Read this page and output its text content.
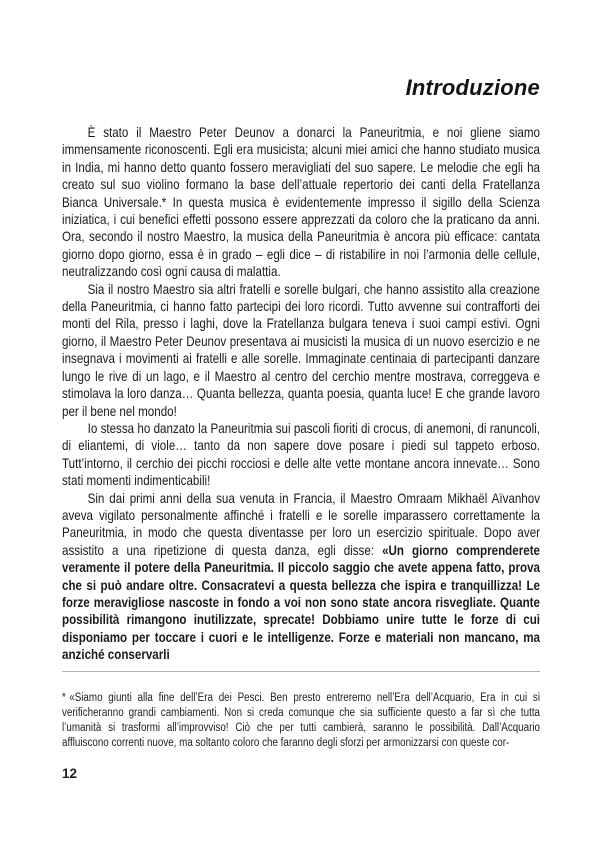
Introduzione

È stato il Maestro Peter Deunov a donarci la Paneuritmia, e noi gliene siamo immensamente riconoscenti. Egli era musicista; alcuni miei amici che hanno studiato musica in India, mi hanno detto quanto fossero meravigliati del suo sapere. Le melodie che egli ha creato sul suo violino formano la base dell’attuale repertorio dei canti della Fratellanza Bianca Universale.* In questa musica è evidentemente impresso il sigillo della Scienza iniziatica, i cui benefici effetti possono essere apprezzati da coloro che la praticano da anni. Ora, secondo il nostro Maestro, la musica della Paneuritmia è ancora più efficace: cantata giorno dopo giorno, essa è in grado – egli dice – di ristabilire in noi l’armonia delle cellule, neutralizzando così ogni causa di malattia.

Sia il nostro Maestro sia altri fratelli e sorelle bulgari, che hanno assistito alla creazione della Paneuritmia, ci hanno fatto partecipi dei loro ricordi. Tutto avvenne sui contrafforti dei monti del Rila, presso i laghi, dove la Fratellanza bulgara teneva i suoi campi estivi. Ogni giorno, il Maestro Peter Deunov presentava ai musicisti la musica di un nuovo esercizio e ne insegnava i movimenti ai fratelli e alle sorelle. Immaginate centinaia di partecipanti danzare lungo le rive di un lago, e il Maestro al centro del cerchio mentre mostrava, correggeva e stimolava la loro danza… Quanta bellezza, quanta poesia, quanta luce! E che grande lavoro per il bene nel mondo!

Io stessa ho danzato la Paneuritmia sui pascoli fioriti di crocus, di anemoni, di ranuncoli, di eliantemi, di viole… tanto da non sapere dove posare i piedi sul tappeto erboso. Tutt’intorno, il cerchio dei picchi rocciosi e delle alte vette montane ancora innevate… Sono stati momenti indimenticabili!

Sin dai primi anni della sua venuta in Francia, il Maestro Omraam Mikhaël Aïvanhov aveva vigilato personalmente affinché i fratelli e le sorelle imparassero correttamente la Paneuritmia, in modo che questa diventasse per loro un esercizio spirituale. Dopo aver assistito a una ripetizione di questa danza, egli disse: «Un giorno comprenderete veramente il potere della Paneuritmia. Il piccolo saggio che avete appena fatto, prova che si può andare oltre. Consacratevi a questa bellezza che ispira e tranquillizza! Le forze meravigliose nascoste in fondo a voi non sono state ancora risvegliate. Quante possibilità rimangono inutilizzate, sprecate! Dobbiamo unire tutte le forze di cui disponiamo per toccare i cuori e le intelligenze. Forze e materiali non mancano, ma anziché conservarli

* «Siamo giunti alla fine dell’Era dei Pesci. Ben presto entreremo nell’Era dell’Acquario, Era in cui si verificheranno grandi cambiamenti. Non si creda comunque che sia sufficiente questo a far sì che tutta l’umanità si trasformi all’improvviso! Ciò che per tutti cambierà, saranno le possibilità. Dall’Acquario affluiscono correnti nuove, ma soltanto coloro che faranno degli sforzi per armonizzarsi con queste cor-

12
